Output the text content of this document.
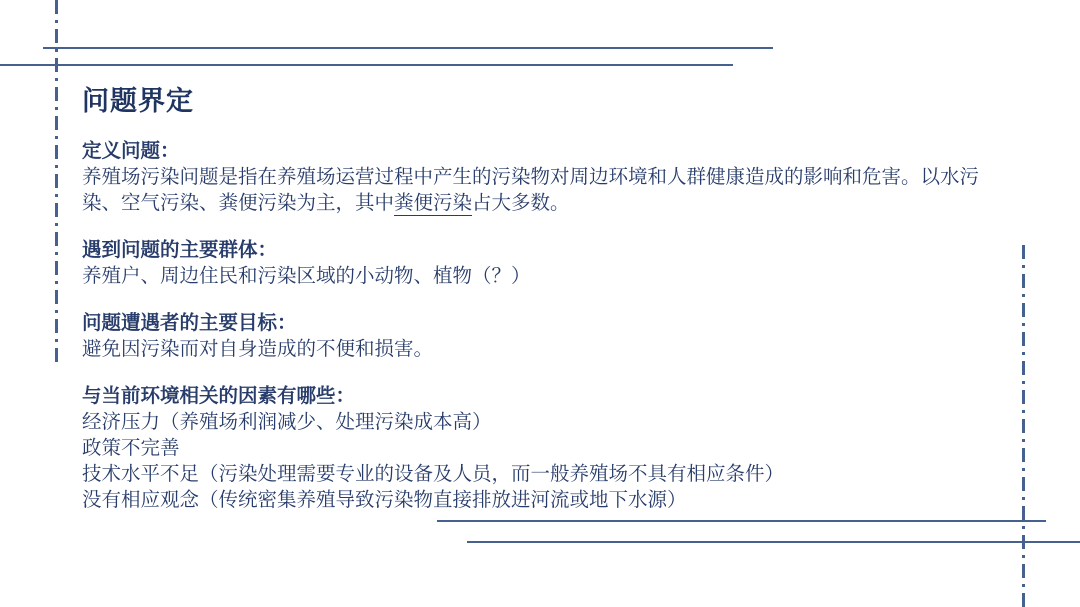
问题界定
定义问题：
养殖场污染问题是指在养殖场运营过程中产生的污染物对周边环境和人群健康造成的影响和危害。以水污
染、空气污染、粪便污染为主，其中粪便污染占大多数。
遇到问题的主要群体：
养殖户、周边住民和污染区域的小动物、植物（？）
问题遭遇者的主要目标：
避免因污染而对自身造成的不便和损害。
与当前环境相关的因素有哪些：
经济压力（养殖场利润减少、处理污染成本高）
政策不完善
技术水平不足（污染处理需要专业的设备及人员，而一般养殖场不具有相应条件）
没有相应观念（传统密集养殖导致污染物直接排放进河流或地下水源）
